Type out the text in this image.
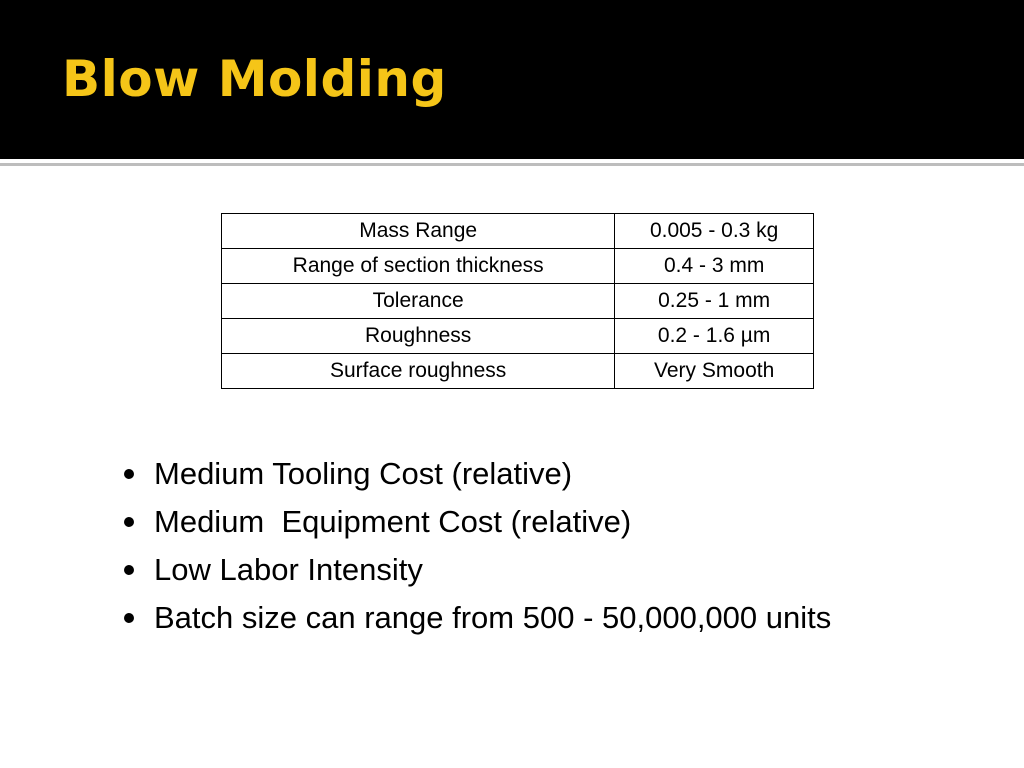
Blow Molding
Mass Range	0.005 - 0.3 kg
Range of section thickness	0.4 - 3 mm
Tolerance	0.25 - 1 mm
Roughness	0.2 - 1.6 µm
Surface roughness	Very Smooth
Medium Tooling Cost (relative)
Medium  Equipment Cost (relative)
Low Labor Intensity
Batch size can range from 500 - 50,000,000 units
